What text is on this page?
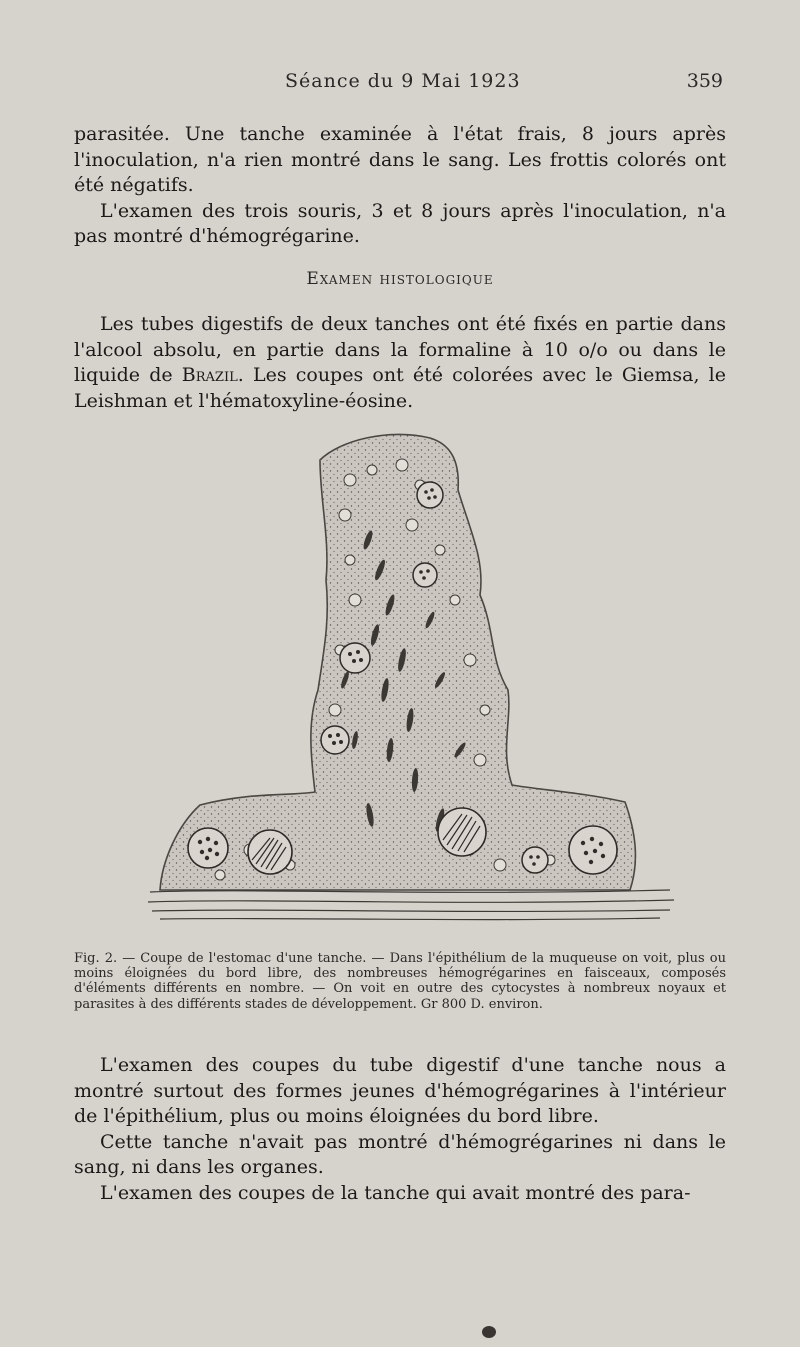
Séance du 9 Mai 1923	359

parasitée. Une tanche examinée à l'état frais, 8 jours après l'inoculation, n'a rien montré dans le sang. Les frottis colorés ont été négatifs.

L'examen des trois souris, 3 et 8 jours après l'inoculation, n'a pas montré d'hémogrégarine.

Examen histologique

Les tubes digestifs de deux tanches ont été fixés en partie dans l'alcool absolu, en partie dans la formaline à 10 o/o ou dans le liquide de Brazil. Les coupes ont été colorées avec le Giemsa, le Leishman et l'hématoxyline-éosine.

Fig. 2. — Coupe de l'estomac d'une tanche. — Dans l'épithélium de la muqueuse on voit, plus ou moins éloignées du bord libre, des nombreuses hémogrégarines en faisceaux, composés d'éléments différents en nombre. — On voit en outre des cytocystes à nombreux noyaux et parasites à des différents stades de développement. Gr 800 D. environ.

L'examen des coupes du tube digestif d'une tanche nous a montré surtout des formes jeunes d'hémogrégarines à l'intérieur de l'épithélium, plus ou moins éloignées du bord libre.

Cette tanche n'avait pas montré d'hémogrégarines ni dans le sang, ni dans les organes.

L'examen des coupes de la tanche qui avait montré des para-
